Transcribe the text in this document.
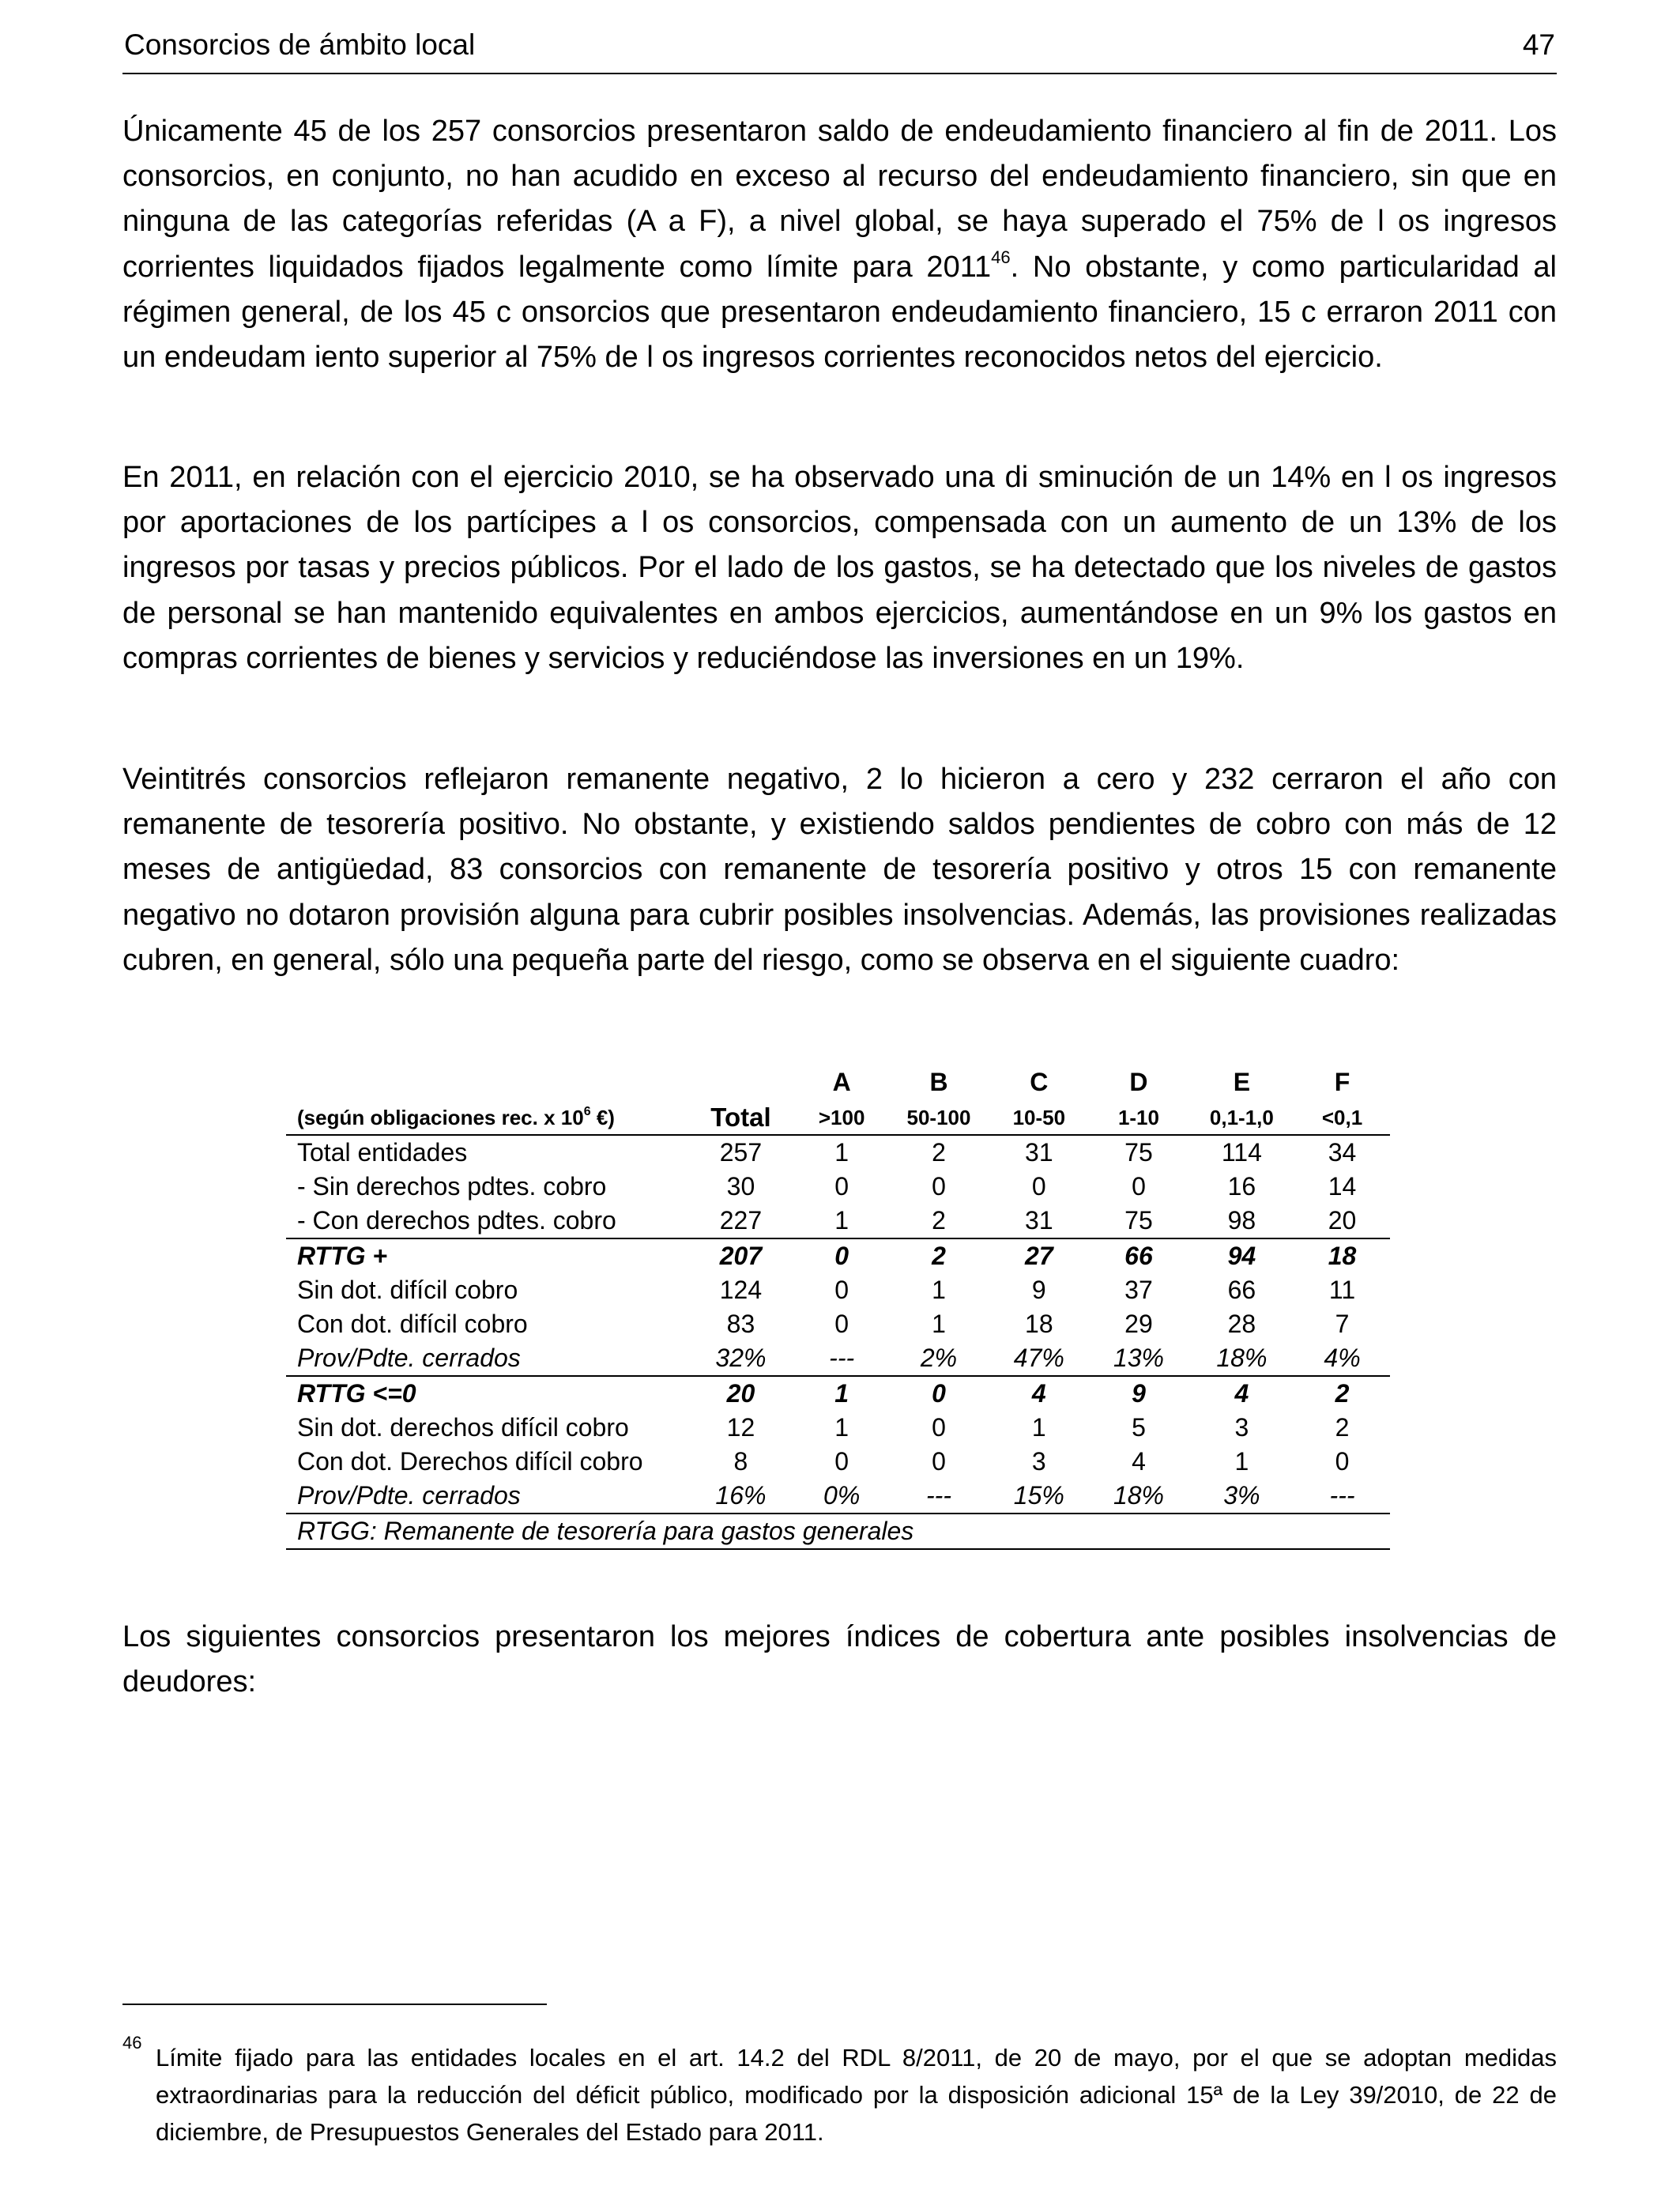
Consorcios de ámbito local	47

Únicamente 45 de los 257 consorcios presentaron saldo de endeudamiento financiero al fin de 2011. Los consorcios, en conjunto, no han acudido en exceso al recurso del endeudamiento financiero, sin que en ninguna de las categorías referidas (A a F), a nivel global, se haya superado el 75% de l os ingresos corrientes liquidados fijados legalmente como límite para 2011$^{46}$. No obstante, y como particularidad al régimen general, de los 45 c onsorcios que presentaron endeudamiento financiero, 15 c erraron 2011 con un endeudam iento superior al 75% de l os ingresos corrientes reconocidos netos del ejercicio.

En 2011, en relación con el ejercicio 2010, se ha observado una di sminución de un 14% en l os ingresos por aportaciones de los partícipes a l os consorcios, compensada con un aumento de un 13% de los ingresos por tasas y precios públicos. Por el lado de los gastos, se ha detectado que los niveles de gastos de personal se han mantenido equivalentes en ambos ejercicios, aumentándose en un 9% los gastos en compras corrientes de bienes y servicios y reduciéndose las inversiones en un 19%.

Veintitrés consorcios reflejaron remanente negativo, 2 lo hicieron a cero y 232 cerraron el año con remanente de tesorería positivo. No obstante, y existiendo saldos pendientes de cobro con más de 12 meses de antigüedad, 83 consorcios con remanente de tesorería positivo y otros 15 con remanente negativo no dotaron provisión alguna para cubrir posibles insolvencias. Además, las provisiones realizadas cubren, en general, sólo una pequeña parte del riesgo, como se observa en el siguiente cuadro:

		A	B	C	D	E	F
(según obligaciones rec. x $10^6$ €)	Total	>100	50-100	10-50	1-10	0,1-1,0	<0,1
Total entidades	257	1	2	31	75	114	34
- Sin derechos pdtes. cobro	30	0	0	0	0	16	14
- Con derechos pdtes. cobro	227	1	2	31	75	98	20
RTTG +	207	0	2	27	66	94	18
Sin dot. difícil cobro	124	0	1	9	37	66	11
Con dot. difícil cobro	83	0	1	18	29	28	7
Prov/Pdte. cerrados	32%	---	2%	47%	13%	18%	4%
RTTG <=0	20	1	0	4	9	4	2
Sin dot. derechos difícil cobro	12	1	0	1	5	3	2
Con dot. Derechos difícil cobro	8	0	0	3	4	1	0
Prov/Pdte. cerrados	16%	0%	---	15%	18%	3%	---
RTGG: Remanente de tesorería para gastos generales							

Los siguientes consorcios presentaron los mejores índices de cobertura ante posibles insolvencias de deudores:

46

Límite fijado para las entidades locales en el art. 14.2 del RDL 8/2011, de 20 de mayo, por el que se adoptan medidas extraordinarias para la reducción del déficit público, modificado por la disposición adicional 15ª de la Ley 39/2010, de 22 de diciembre, de Presupuestos Generales del Estado para 2011.
